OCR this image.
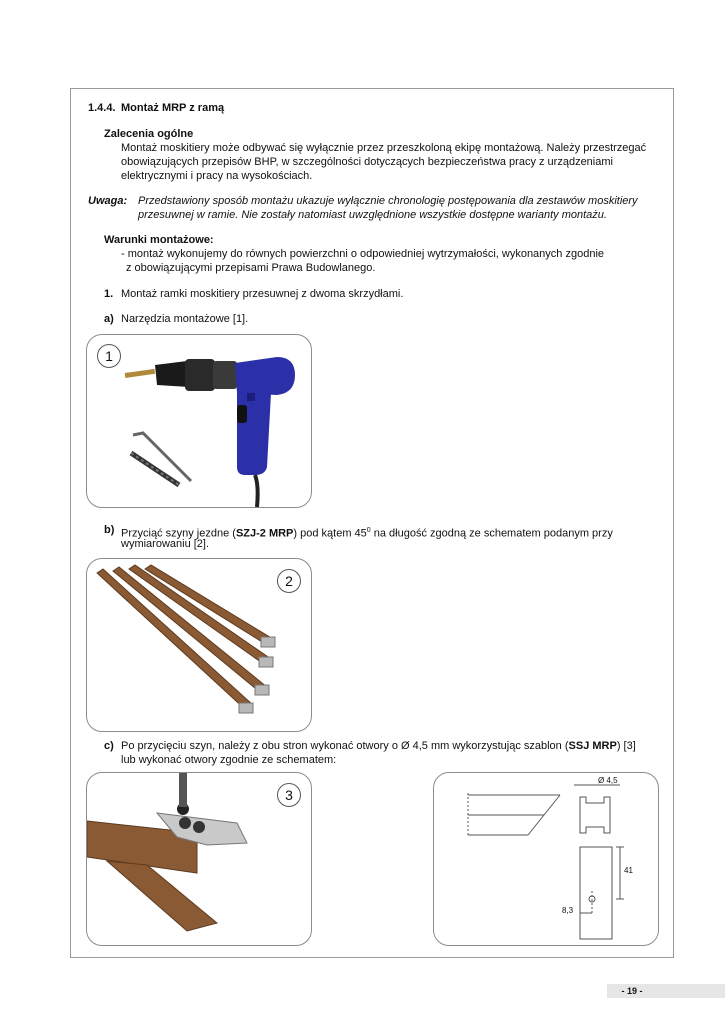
1.4.4. Montaż MRP z ramą
Zalecenia ogólne
Montaż moskitiery może odbywać się wyłącznie przez przeszkoloną ekipę montażową. Należy przestrzegać
obowiązujących przepisów BHP, w szczególności dotyczących bezpieczeństwa pracy z urządzeniami
elektrycznymi i pracy na wysokościach.
Uwaga: Przedstawiony sposób montażu ukazuje wyłącznie chronologię postępowania dla zestawów moskitiery
przesuwnej w ramie. Nie zostały natomiast uwzględnione wszystkie dostępne warianty montażu.
Warunki montażowe:
- montaż wykonujemy do równych powierzchni o odpowiedniej wytrzymałości, wykonanych zgodnie
z obowiązującymi przepisami Prawa Budowlanego.
1. Montaż ramki moskitiery przesuwnej z dwoma skrzydłami.
a) Narzędzia montażowe [1].
1
b) Przyciąć szyny jezdne (SZJ-2 MRP) pod kątem $45^0$ na długość zgodną ze schematem podanym przy
wymiarowaniu [2].
2
c) Po przycięciu szyn, należy z obu stron wykonać otwory o Ø 4,5 mm wykorzystując szablon (SSJ MRP) [3]
lub wykonać otwory zgodnie ze schematem:
3
Ø 4,5
41
8,3
- 19 -
